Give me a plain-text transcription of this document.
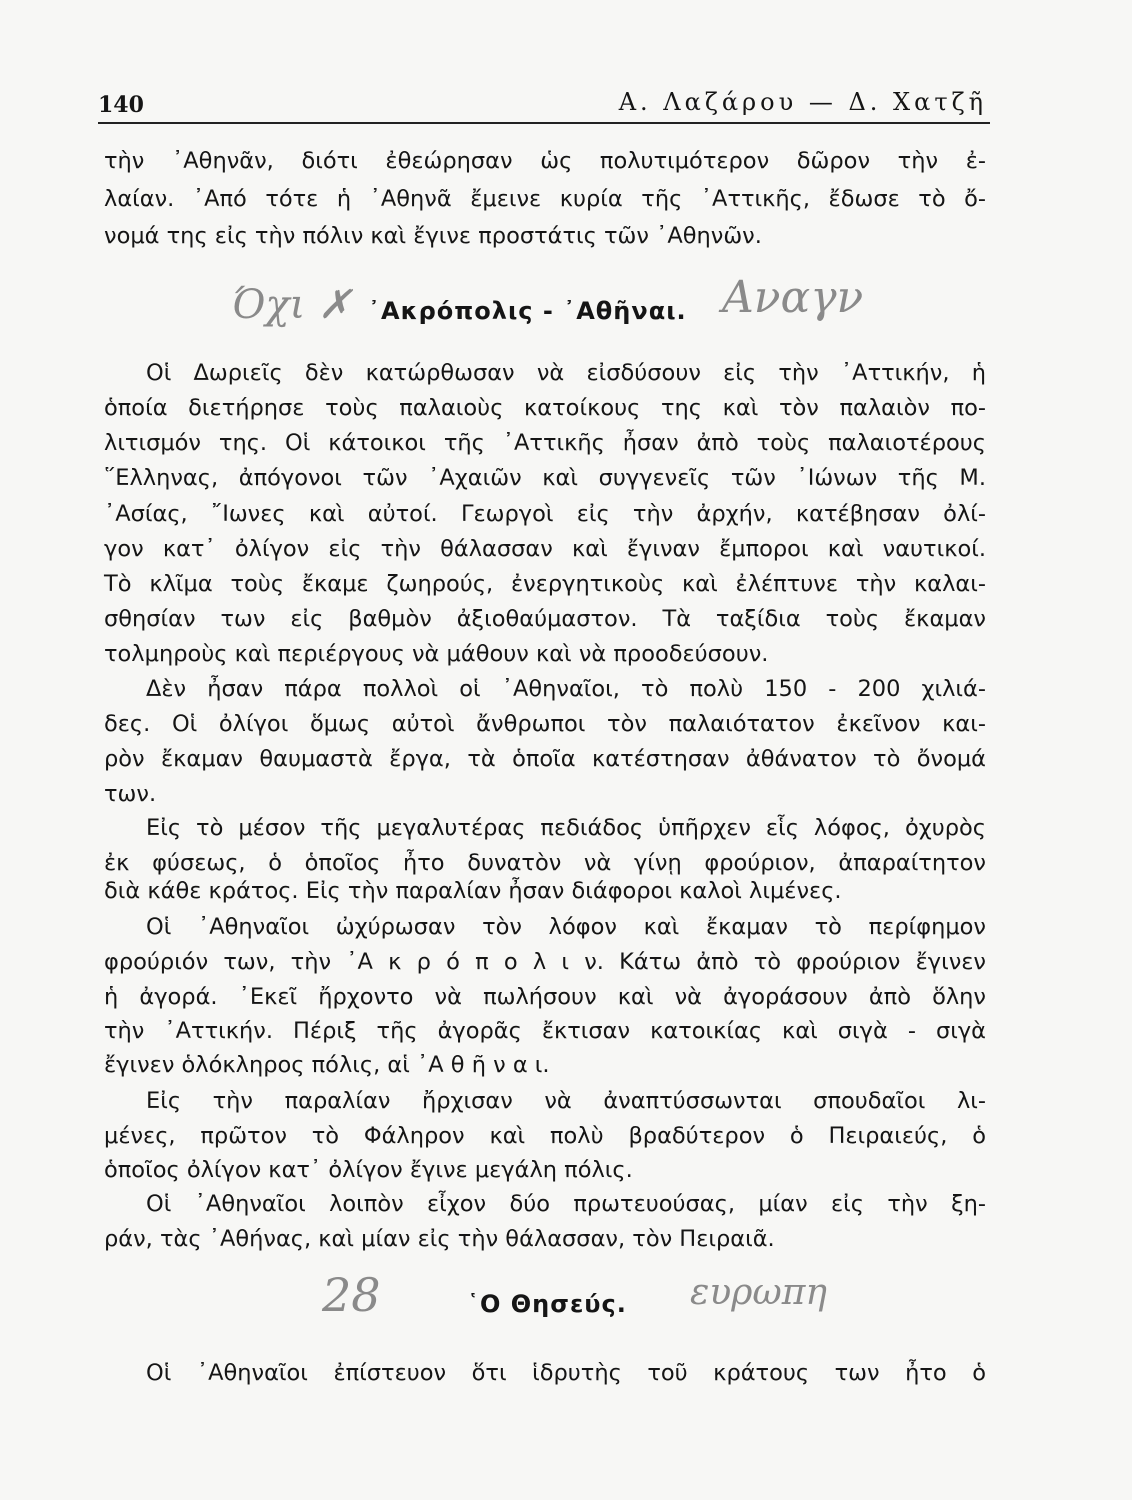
140	Α. Λαζάρου — Δ. Χατζῆ
τὴν ᾿Αθηνᾶν, διότι ἐθεώρησαν ὡς πολυτιμότερον δῶρον τὴν ἐ-
λαίαν. ᾿Από τότε ἡ ᾿Αθηνᾶ ἔμεινε κυρία τῆς ᾿Αττικῆς, ἔδωσε τὸ ὄ-
νομά της εἰς τὴν πόλιν καὶ ἔγινε προστάτις τῶν ᾿Αθηνῶν.
Όχι ✗ ᾿Ακρόπολις - ᾿Αθῆναι. Αναγν
Οἱ Δωριεῖς δὲν κατώρθωσαν νὰ εἰσδύσουν εἰς τὴν ᾿Αττικήν, ἡ
ὁποία διετήρησε τοὺς παλαιοὺς κατοίκους της καὶ τὸν παλαιὸν πο-
λιτισμόν της. Οἱ κάτοικοι τῆς ᾿Αττικῆς ἦσαν ἀπὸ τοὺς παλαιοτέρους
῞Ελληνας, ἀπόγονοι τῶν ᾿Αχαιῶν καὶ συγγενεῖς τῶν ᾿Ιώνων τῆς Μ.
᾿Ασίας, ῎Ιωνες καὶ αὐτοί. Γεωργοὶ εἰς τὴν ἀρχήν, κατέβησαν ὀλί-
γον κατ᾿ ὀλίγον εἰς τὴν θάλασσαν καὶ ἔγιναν ἔμποροι καὶ ναυτικοί.
Τὸ κλῖμα τοὺς ἔκαμε ζωηρούς, ἐνεργητικοὺς καὶ ἐλέπτυνε τὴν καλαι-
σθησίαν των εἰς βαθμὸν ἀξιοθαύμαστον. Τὰ ταξίδια τοὺς ἔκαμαν
τολμηροὺς καὶ περιέργους νὰ μάθουν καὶ νὰ προοδεύσουν.
Δὲν ἦσαν πάρα πολλοὶ οἱ ᾿Αθηναῖοι, τὸ πολὺ 150 - 200 χιλιά-
δες. Οἱ ὀλίγοι ὅμως αὐτοὶ ἄνθρωποι τὸν παλαιότατον ἐκεῖνον και-
ρὸν ἔκαμαν θαυμαστὰ ἔργα, τὰ ὁποῖα κατέστησαν ἀθάνατον τὸ ὄνομά
των.
Εἰς τὸ μέσον τῆς μεγαλυτέρας πεδιάδος ὑπῆρχεν εἷς λόφος, ὀχυρὸς
ἐκ φύσεως, ὁ ὁποῖος ἦτο δυνατὸν νὰ γίνῃ φρούριον, ἀπαραίτητον
διὰ κάθε κράτος. Εἰς τὴν παραλίαν ἦσαν διάφοροι καλοὶ λιμένες.
Οἱ ᾿Αθηναῖοι ὠχύρωσαν τὸν λόφον καὶ ἔκαμαν τὸ περίφημον
φρούριόν των, τὴν ᾿Α κ ρ ό π ο λ ι ν. Κάτω ἀπὸ τὸ φρούριον ἔγινεν
ἡ ἀγορά. ᾿Εκεῖ ἤρχοντο νὰ πωλήσουν καὶ νὰ ἀγοράσουν ἀπὸ ὅλην
τὴν ᾿Αττικήν. Πέριξ τῆς ἀγορᾶς ἔκτισαν κατοικίας καὶ σιγὰ - σιγὰ
ἔγινεν ὁλόκληρος πόλις, αἱ ᾿Α θ ῆ ν α ι.
Εἰς τὴν παραλίαν ἤρχισαν νὰ ἀναπτύσσωνται σπουδαῖοι λι-
μένες, πρῶτον τὸ Φάληρον καὶ πολὺ βραδύτερον ὁ Πειραιεύς, ὁ
ὁποῖος ὀλίγον κατ᾿ ὀλίγον ἔγινε μεγάλη πόλις.
Οἱ ᾿Αθηναῖοι λοιπὸν εἶχον δύο πρωτευούσας, μίαν εἰς τὴν ξη-
ράν, τὰς ᾿Αθήνας, καὶ μίαν εἰς τὴν θάλασσαν, τὸν Πειραιᾶ.
28	῾Ο Θησεύς. ευρωπη
Οἱ ᾿Αθηναῖοι ἐπίστευον ὅτι ἱδρυτὴς τοῦ κράτους των ἦτο ὁ
